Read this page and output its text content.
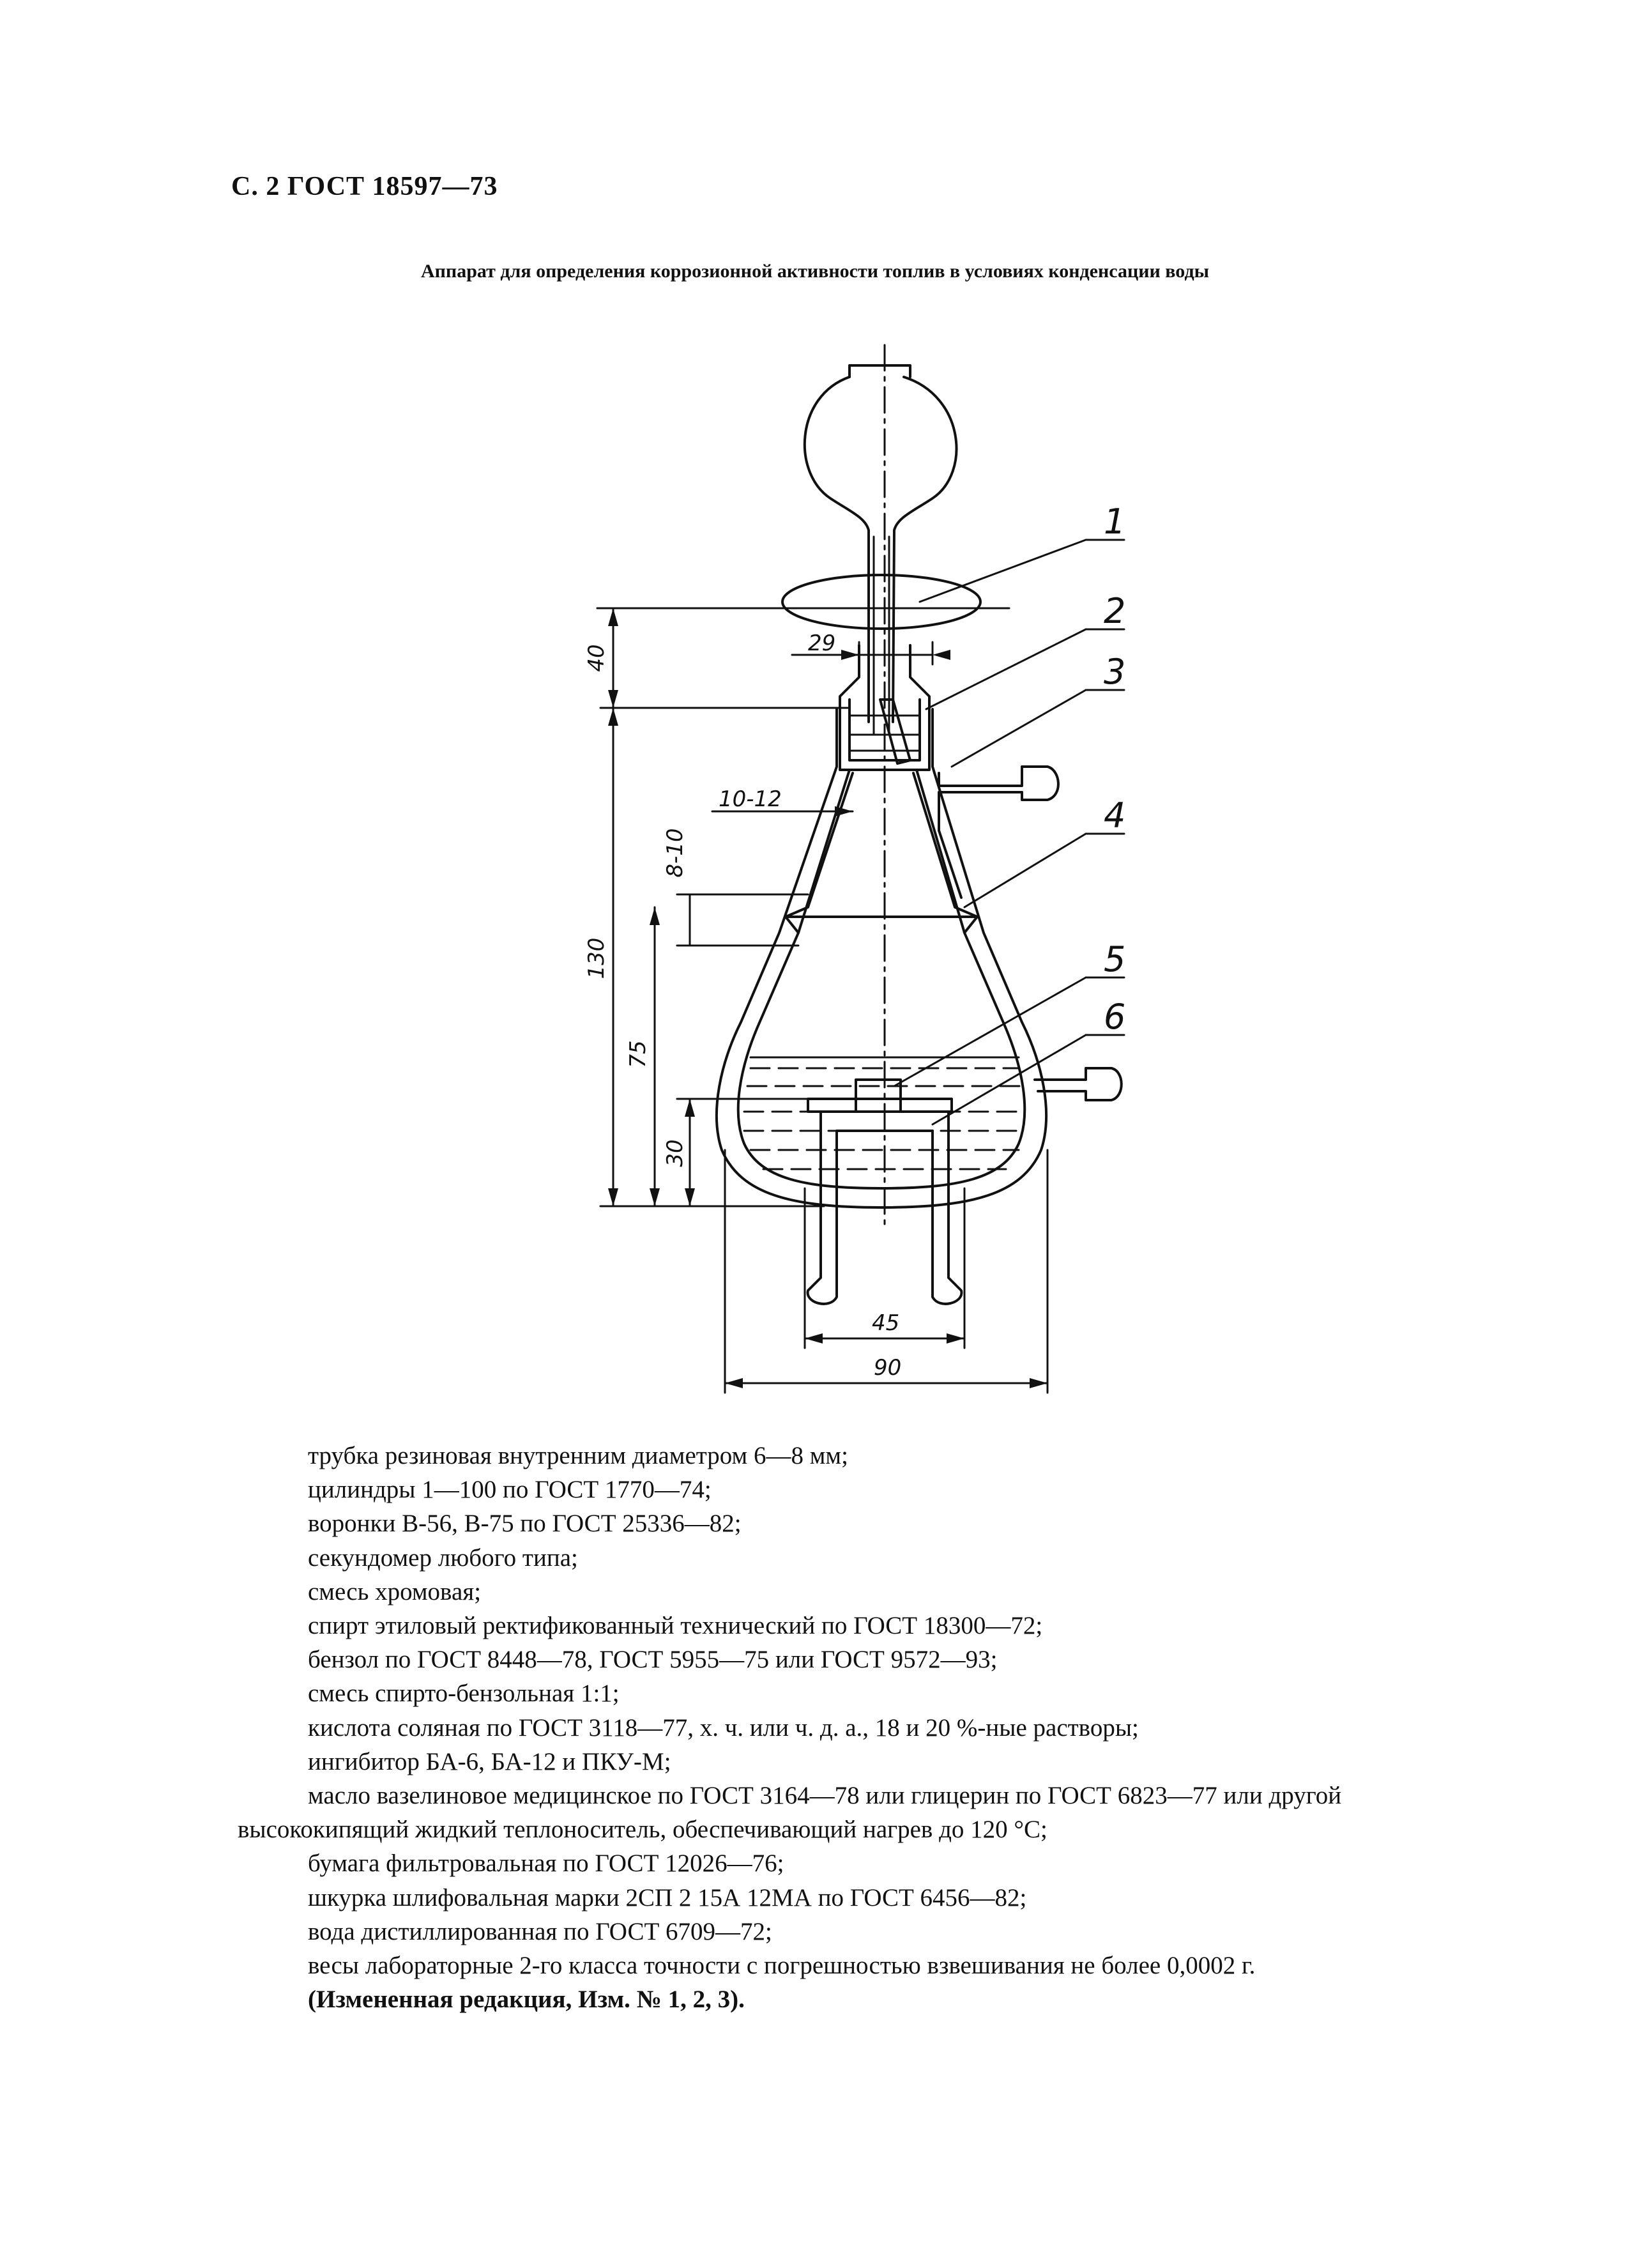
С. 2 ГОСТ 18597—73
Аппарат для определения коррозионной активности топлив в условиях конденсации воды
40
29
10-12
8-10
130
75
30
45
90
1
2
3
4
5
6
трубка резиновая внутренним диаметром 6—8 мм;
цилиндры 1—100 по ГОСТ 1770—74;
воронки В-56, В-75 по ГОСТ 25336—82;
секундомер любого типа;
смесь хромовая;
спирт этиловый ректификованный технический по ГОСТ 18300—72;
бензол по ГОСТ 8448—78, ГОСТ 5955—75 или ГОСТ 9572—93;
смесь спирто-бензольная 1:1;
кислота соляная по ГОСТ 3118—77, х. ч. или ч. д. а., 18 и 20 %-ные растворы;
ингибитор БА-6, БА-12 и ПКУ-М;
масло вазелиновое медицинское по ГОСТ 3164—78 или глицерин по ГОСТ 6823—77 или другой
высококипящий жидкий теплоноситель, обеспечивающий нагрев до 120 °С;
бумага фильтровальная по ГОСТ 12026—76;
шкурка шлифовальная марки 2СП 2 15А 12МА по ГОСТ 6456—82;
вода дистиллированная по ГОСТ 6709—72;
весы лабораторные 2-го класса точности с погрешностью взвешивания не более 0,0002 г.
(Измененная редакция, Изм. № 1, 2, 3).
